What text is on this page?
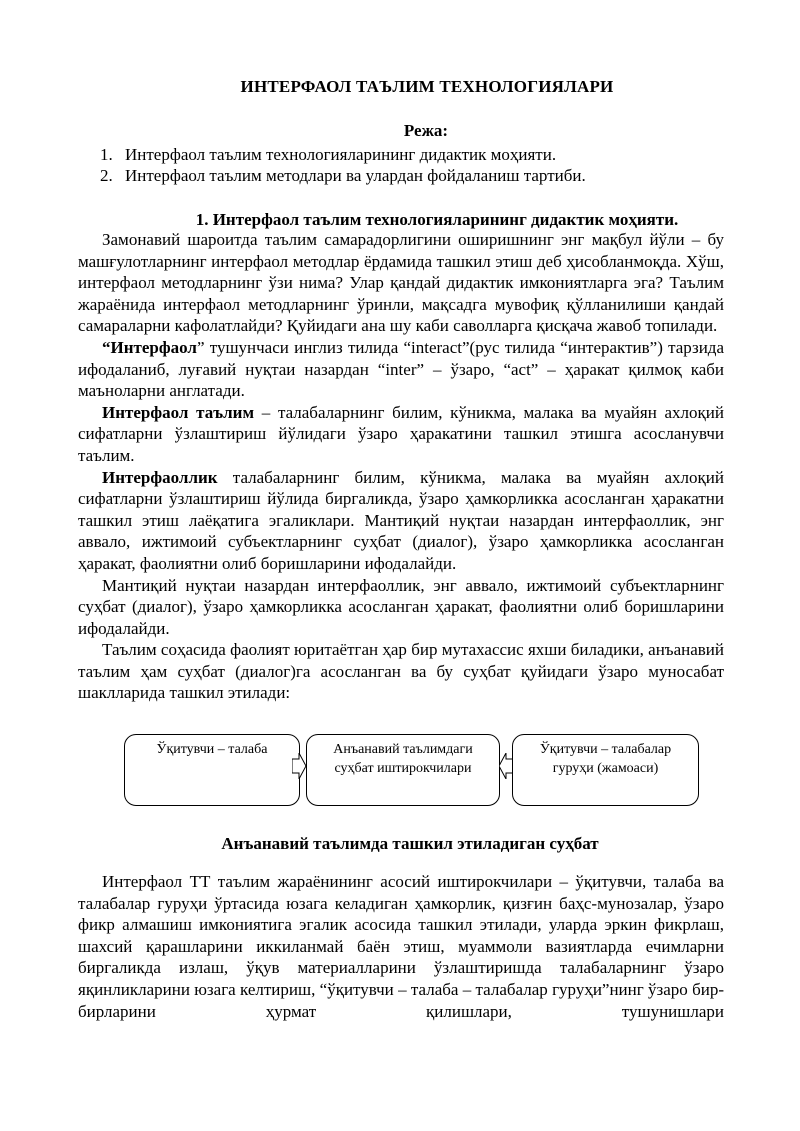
ИНТЕРФАОЛ ТАЪЛИМ ТЕХНОЛОГИЯЛАРИ
Режа:
1. Интерфаол таълим технологияларининг дидактик моҳияти.
2. Интерфаол таълим методлари ва улардан фойдаланиш тартиби.
1. Интерфаол таълим технологияларининг дидактик моҳияти.

Замонавий шароитда таълим самарадорлигини оширишнинг энг мақбул йўли – бу машғулотларнинг интерфаол методлар ёрдамида ташкил этиш деб ҳисобланмоқда. Хўш, интерфаол методларнинг ўзи нима? Улар қандай дидактик имкониятларга эга? Таълим жараёнида интерфаол методларнинг ўринли, мақсадга мувофиқ қўлланилиши қандай самараларни кафолатлайди? Қуйидаги ана шу каби саволларга қисқача жавоб топилади.

“Интерфаол” тушунчаси инглиз тилида “interact”(рус тилида “интерактив”) тарзида ифодаланиб, луғавий нуқтаи назардан “inter” – ўзаро, “act” – ҳаракат қилмоқ каби маъноларни англатади.

Интерфаол таълим – талабаларнинг билим, кўникма, малака ва муайян ахлоқий сифатларни ўзлаштириш йўлидаги ўзаро ҳаракатини ташкил этишга асосланувчи таълим.

Интерфаоллик талабаларнинг билим, кўникма, малака ва муайян ахлоқий сифатларни ўзлаштириш йўлида биргаликда, ўзаро ҳамкорликка асосланган ҳаракатни ташкил этиш лаёқатига эгаликлари. Мантиқий нуқтаи назардан интерфаоллик, энг аввало, ижтимоий субъектларнинг суҳбат (диалог), ўзаро ҳамкорликка асосланган ҳаракат, фаолиятни олиб боришларини ифодалайди.

Мантиқий нуқтаи назардан интерфаоллик, энг аввало, ижтимоий субъектларнинг суҳбат (диалог), ўзаро ҳамкорликка асосланган ҳаракат, фаолиятни олиб боришларини ифодалайди.

Таълим соҳасида фаолият юритаётган ҳар бир мутахассис яхши биладики, анъанавий таълим ҳам суҳбат (диалог)га асосланган ва бу суҳбат қуйидаги ўзаро муносабат шаклларида ташкил этилади:

Ўқитувчи – талаба	Анъанавий таълимдаги
суҳбат иштирокчилари
Ўқитувчи – талабалар
гуруҳи (жамоаси)
Анъанавий таълимда ташкил этиладиган суҳбат

Интерфаол ТТ таълим жараёнининг асосий иштирокчилари – ўқитувчи, талаба ва талабалар гуруҳи ўртасида юзага келадиган ҳамкорлик, қизғин баҳс-мунозалар, ўзаро фикр алмашиш имкониятига эгалик асосида ташкил этилади, уларда эркин фикрлаш, шахсий қарашларини иккиланмай баён этиш, муаммоли вазиятларда ечимларни биргаликда излаш, ўқув материалларини ўзлаштиришда талабаларнинг ўзаро яқинликларини юзага келтириш, “ўқитувчи – талаба – талабалар гуруҳи”нинг ўзаро бир-бирларини ҳурмат қилишлари, тушунишлари
